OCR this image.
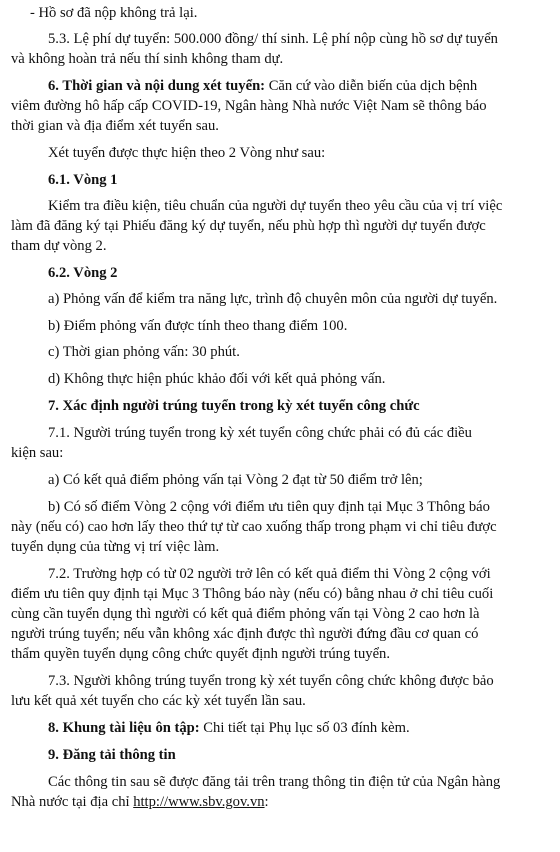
- Hồ sơ đã nộp không trả lại.
5.3. Lệ phí dự tuyển: 500.000 đồng/ thí sinh. Lệ phí nộp cùng hồ sơ dự tuyển
và không hoàn trả nếu thí sinh không tham dự.
6. Thời gian và nội dung xét tuyển: Căn cứ vào diễn biến của dịch bệnh
viêm đường hô hấp cấp COVID-19, Ngân hàng Nhà nước Việt Nam sẽ thông báo
thời gian và địa điểm xét tuyển sau.
Xét tuyển được thực hiện theo 2 Vòng như sau:
6.1. Vòng 1
Kiểm tra điều kiện, tiêu chuẩn của người dự tuyển theo yêu cầu của vị trí việc
làm đã đăng ký tại Phiếu đăng ký dự tuyển, nếu phù hợp thì người dự tuyển được
tham dự vòng 2.
6.2. Vòng 2
a) Phỏng vấn để kiểm tra năng lực, trình độ chuyên môn của người dự tuyển.
b) Điểm phỏng vấn được tính theo thang điểm 100.
c) Thời gian phỏng vấn: 30 phút.
d) Không thực hiện phúc khảo đối với kết quả phỏng vấn.
7. Xác định người trúng tuyển trong kỳ xét tuyển công chức
7.1. Người trúng tuyển trong kỳ xét tuyển công chức phải có đủ các điều
kiện sau:
a) Có kết quả điểm phỏng vấn tại Vòng 2 đạt từ 50 điểm trở lên;
b) Có số điểm Vòng 2 cộng với điểm ưu tiên quy định tại Mục 3 Thông báo
này (nếu có) cao hơn lấy theo thứ tự từ cao xuống thấp trong phạm vi chỉ tiêu được
tuyển dụng của từng vị trí việc làm.
7.2. Trường hợp có từ 02 người trở lên có kết quả điểm thi Vòng 2 cộng với
điểm ưu tiên quy định tại Mục 3 Thông báo này (nếu có) bằng nhau ở chỉ tiêu cuối
cùng cần tuyển dụng thì người có kết quả điểm phỏng vấn tại Vòng 2 cao hơn là
người trúng tuyển; nếu vẫn không xác định được thì người đứng đầu cơ quan có
thẩm quyền tuyển dụng công chức quyết định người trúng tuyển.
7.3. Người không trúng tuyển trong kỳ xét tuyển công chức không được bảo
lưu kết quả xét tuyển cho các kỳ xét tuyển lần sau.
8. Khung tài liệu ôn tập: Chi tiết tại Phụ lục số 03 đính kèm.
9. Đăng tải thông tin
Các thông tin sau sẽ được đăng tải trên trang thông tin điện tử của Ngân hàng
Nhà nước tại địa chỉ http://www.sbv.gov.vn:
